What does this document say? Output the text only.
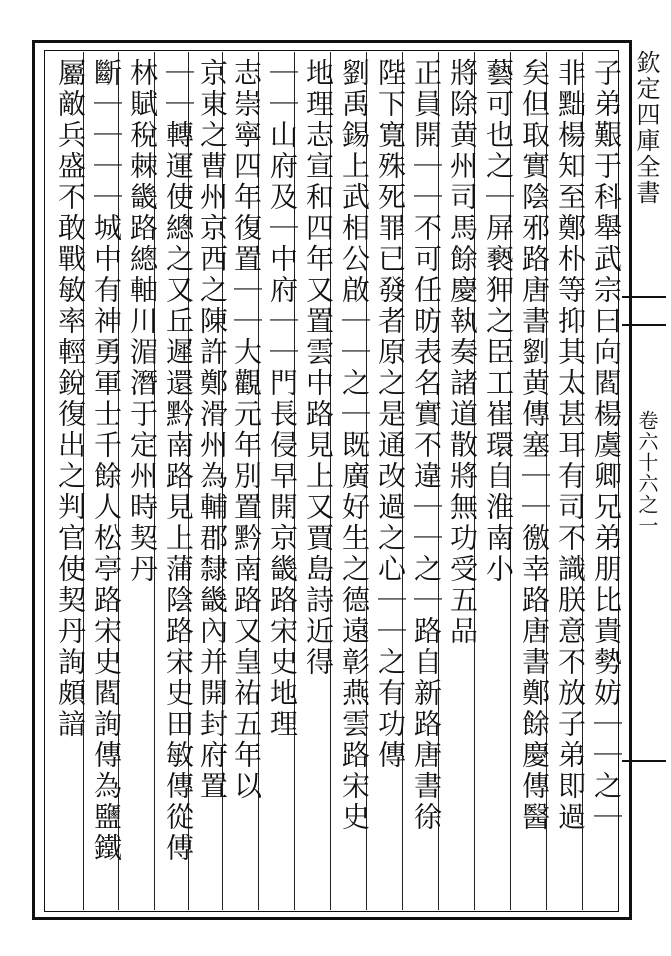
欽定四庫全書
卷六十六之一
子弟艱于科舉武宗曰向閻楊虞卿兄弟朋比貴勢妨｜｜之｜
非黜楊知至鄭朴等抑其太甚耳有司不識朕意不放子弟即過
矣但取實陰邪路唐書劉黄傳塞｜｜徼幸路唐書鄭餘慶傳醫
藝可也之｜屏褻狎之臣工崔環自淮南小
將除黄州司馬餘慶執奏諸道散將無功受五品
正員開｜｜不可任昉表名實不違｜｜之｜路自新路唐書徐
陛下寛殊死罪已發者原之是通改過之心｜｜之有功傳
劉禹錫上武相公啟｜｜之｜既廣好生之德遠彰燕雲路宋史
地理志宣和四年又置雲中路見上又賈島詩近得
｜｜山府及｜中府｜｜門長侵早開京畿路宋史地理
志崇寧四年復置｜｜大觀元年別置黔南路又皇祐五年以
京東之曹州京西之陳許鄭滑州為輔郡隸畿內并開封府置
｜｜轉運使總之又丘遲還黔南路見上蒲陰路宋史田敏傳從傅
林賦稅棘畿路總軸川湄潛于定州時契丹
斷｜｜｜｜城中有神勇軍士千餘人松亭路宋史閻詢傳為鹽鐵
屬敵兵盛不敢戰敏率輕銳復出之判官使契丹詢頗諳
